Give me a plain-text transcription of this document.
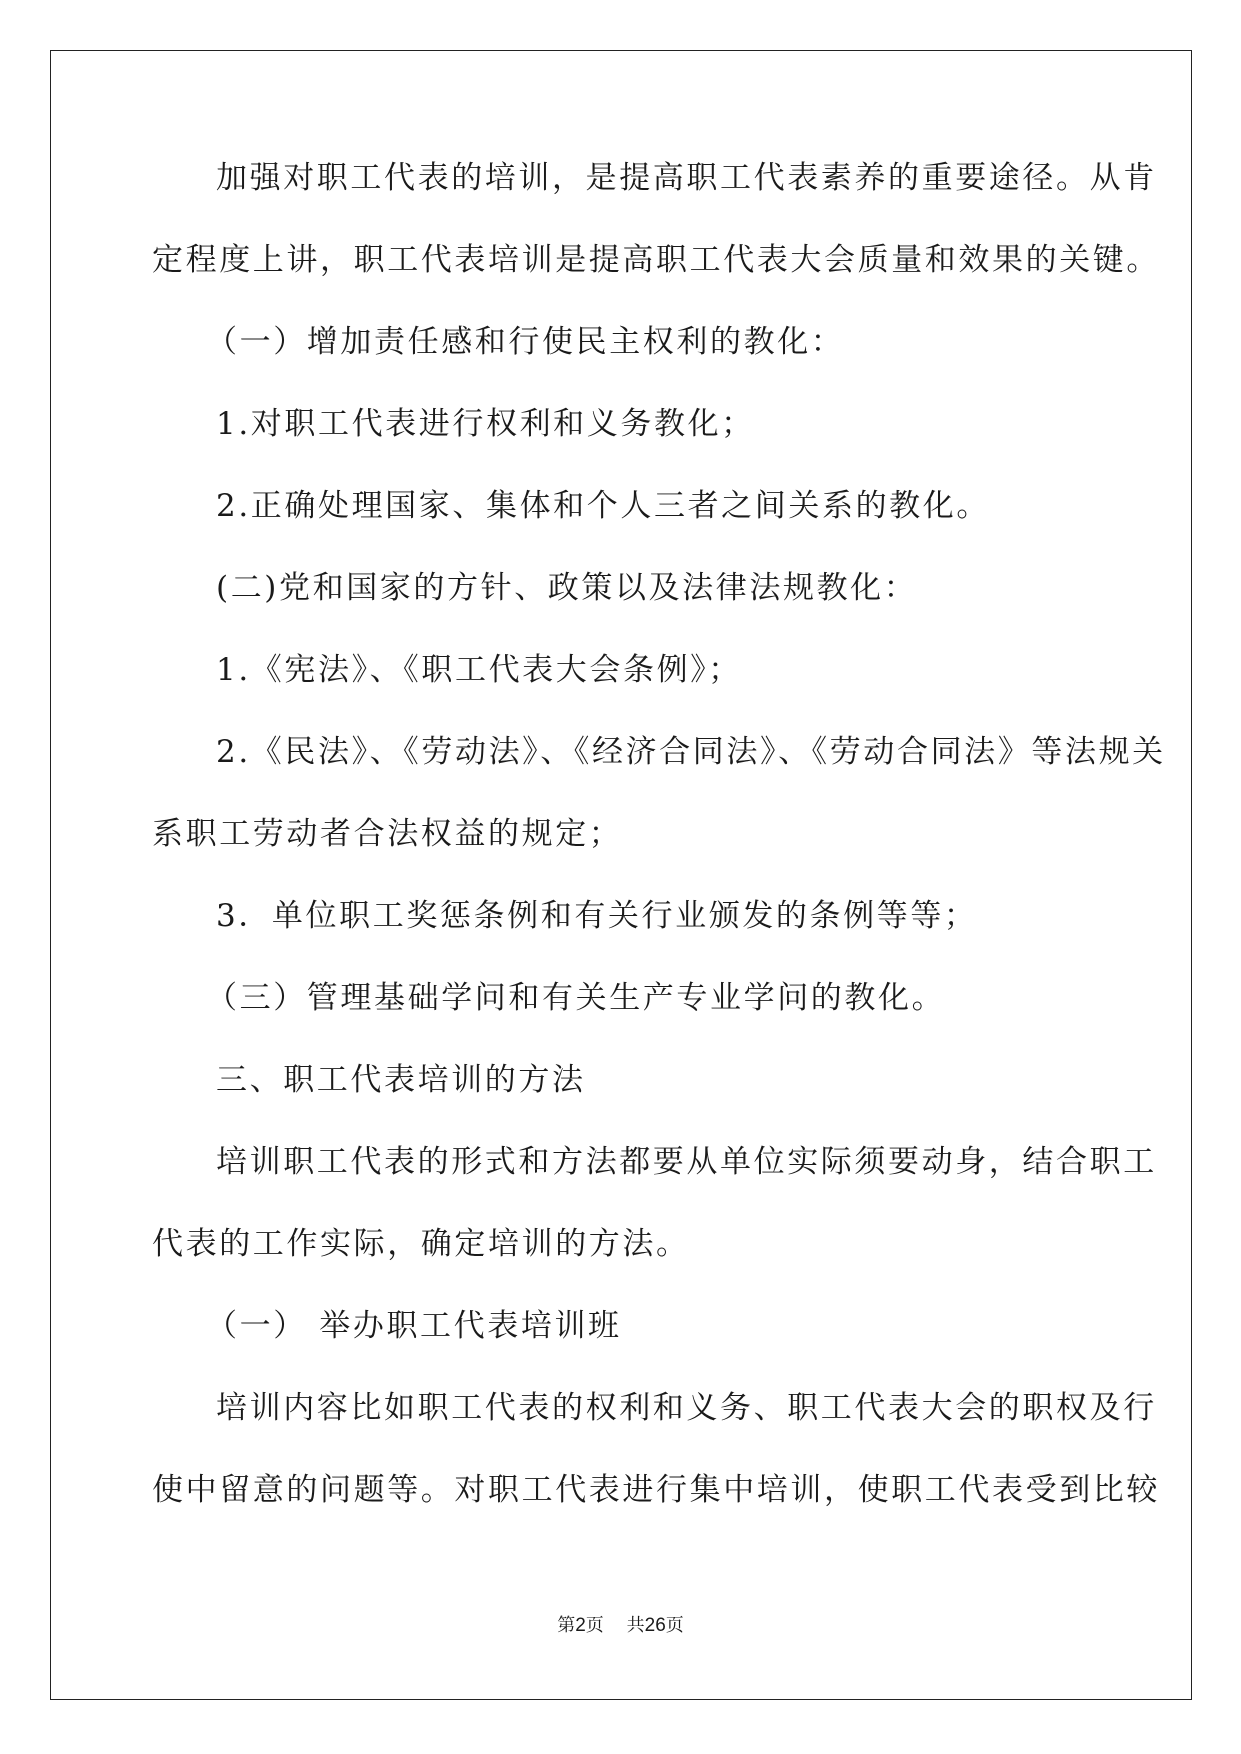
加强对职工代表的培训，是提高职工代表素养的重要途径。从肯
定程度上讲，职工代表培训是提高职工代表大会质量和效果的关键。
（一）增加责任感和行使民主权利的教化：
1.对职工代表进行权利和义务教化；
2.正确处理国家、集体和个人三者之间关系的教化。
(二)党和国家的方针、政策以及法律法规教化：
1.《宪法》、《职工代表大会条例》；
2.《民法》、《劳动法》、《经济合同法》、《劳动合同法》等法规关
系职工劳动者合法权益的规定；
3．单位职工奖惩条例和有关行业颁发的条例等等；
（三）管理基础学问和有关生产专业学问的教化。
三、职工代表培训的方法
培训职工代表的形式和方法都要从单位实际须要动身，结合职工
代表的工作实际，确定培训的方法。
（一） 举办职工代表培训班
培训内容比如职工代表的权利和义务、职工代表大会的职权及行
使中留意的问题等。对职工代表进行集中培训，使职工代表受到比较
第2页 共26页
